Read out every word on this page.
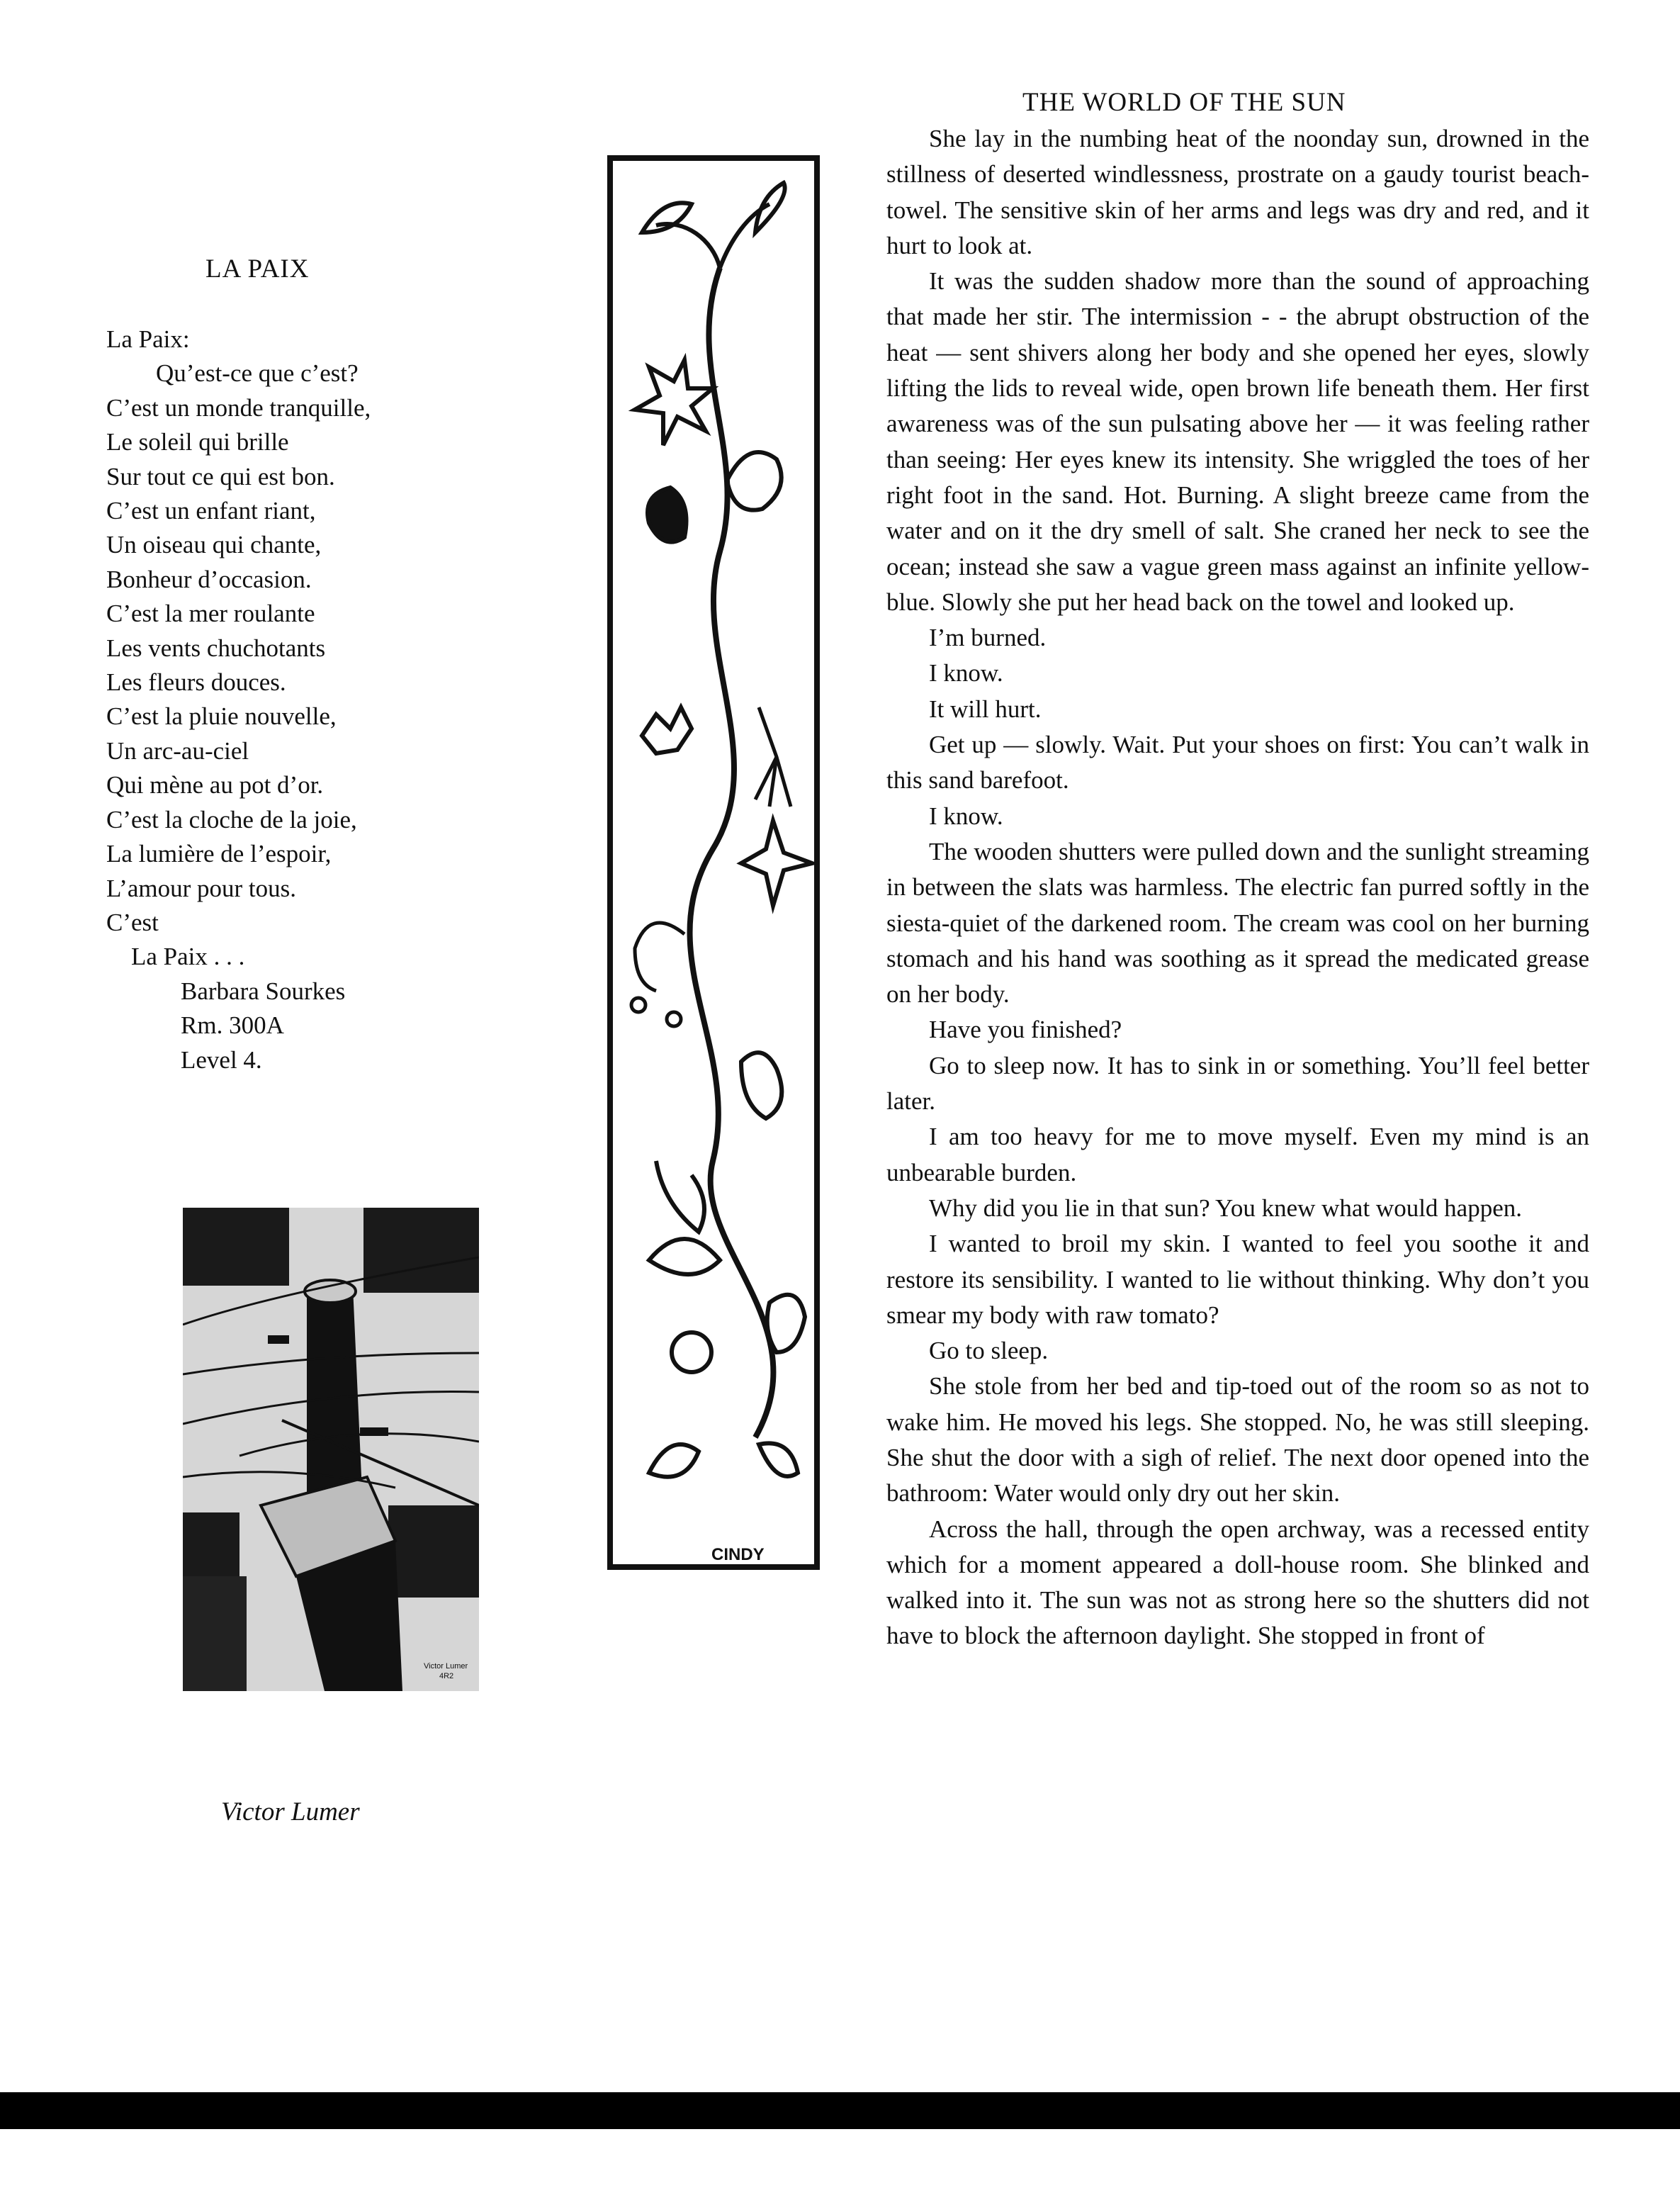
LA PAIX
La Paix:
Qu’est-ce que c’est?
C’est un monde tranquille,
Le soleil qui brille
Sur tout ce qui est bon.
C’est un enfant riant,
Un oiseau qui chante,
Bonheur d’occasion.
C’est la mer roulante
Les vents chuchotants
Les fleurs douces.
C’est la pluie nouvelle,
Un arc-au-ciel
Qui mène au pot d’or.
C’est la cloche de la joie,
La lumière de l’espoir,
L’amour pour tous.
C’est
La Paix . . .
Barbara Sourkes
Rm. 300A
Level 4.
Victor Lumer
4R2
Victor Lumer
CINDY
THE WORLD OF THE SUN

She lay in the numbing heat of the noonday sun, drowned in the stillness of deserted windlessness, prostrate on a gaudy tourist beach-towel. The sensitive skin of her arms and legs was dry and red, and it hurt to look at.

It was the sudden shadow more than the sound of approaching that made her stir. The intermission - - the abrupt obstruction of the heat — sent shivers along her body and she opened her eyes, slowly lifting the lids to reveal wide, open brown life beneath them. Her first awareness was of the sun pulsating above her — it was feeling rather than seeing: Her eyes knew its intensity. She wriggled the toes of her right foot in the sand. Hot. Burning. A slight breeze came from the water and on it the dry smell of salt. She craned her neck to see the ocean; instead she saw a vague green mass against an infinite yellow-blue. Slowly she put her head back on the towel and looked up.

I’m burned.

I know.

It will hurt.

Get up — slowly. Wait. Put your shoes on first: You can’t walk in this sand barefoot.

I know.

The wooden shutters were pulled down and the sunlight streaming in between the slats was harmless. The electric fan purred softly in the siesta-quiet of the darkened room. The cream was cool on her burning stomach and his hand was soothing as it spread the medicated grease on her body.

Have you finished?

Go to sleep now. It has to sink in or something. You’ll feel better later.

I am too heavy for me to move myself. Even my mind is an unbearable burden.

Why did you lie in that sun? You knew what would happen.

I wanted to broil my skin. I wanted to feel you soothe it and restore its sensibility. I wanted to lie without thinking. Why don’t you smear my body with raw tomato?

Go to sleep.

She stole from her bed and tip-toed out of the room so as not to wake him. He moved his legs. She stopped. No, he was still sleeping. She shut the door with a sigh of relief. The next door opened into the bathroom: Water would only dry out her skin.

Across the hall, through the open archway, was a recessed entity which for a moment appeared a doll-house room. She blinked and walked into it. The sun was not as strong here so the shutters did not have to block the afternoon daylight. She stopped in front of
